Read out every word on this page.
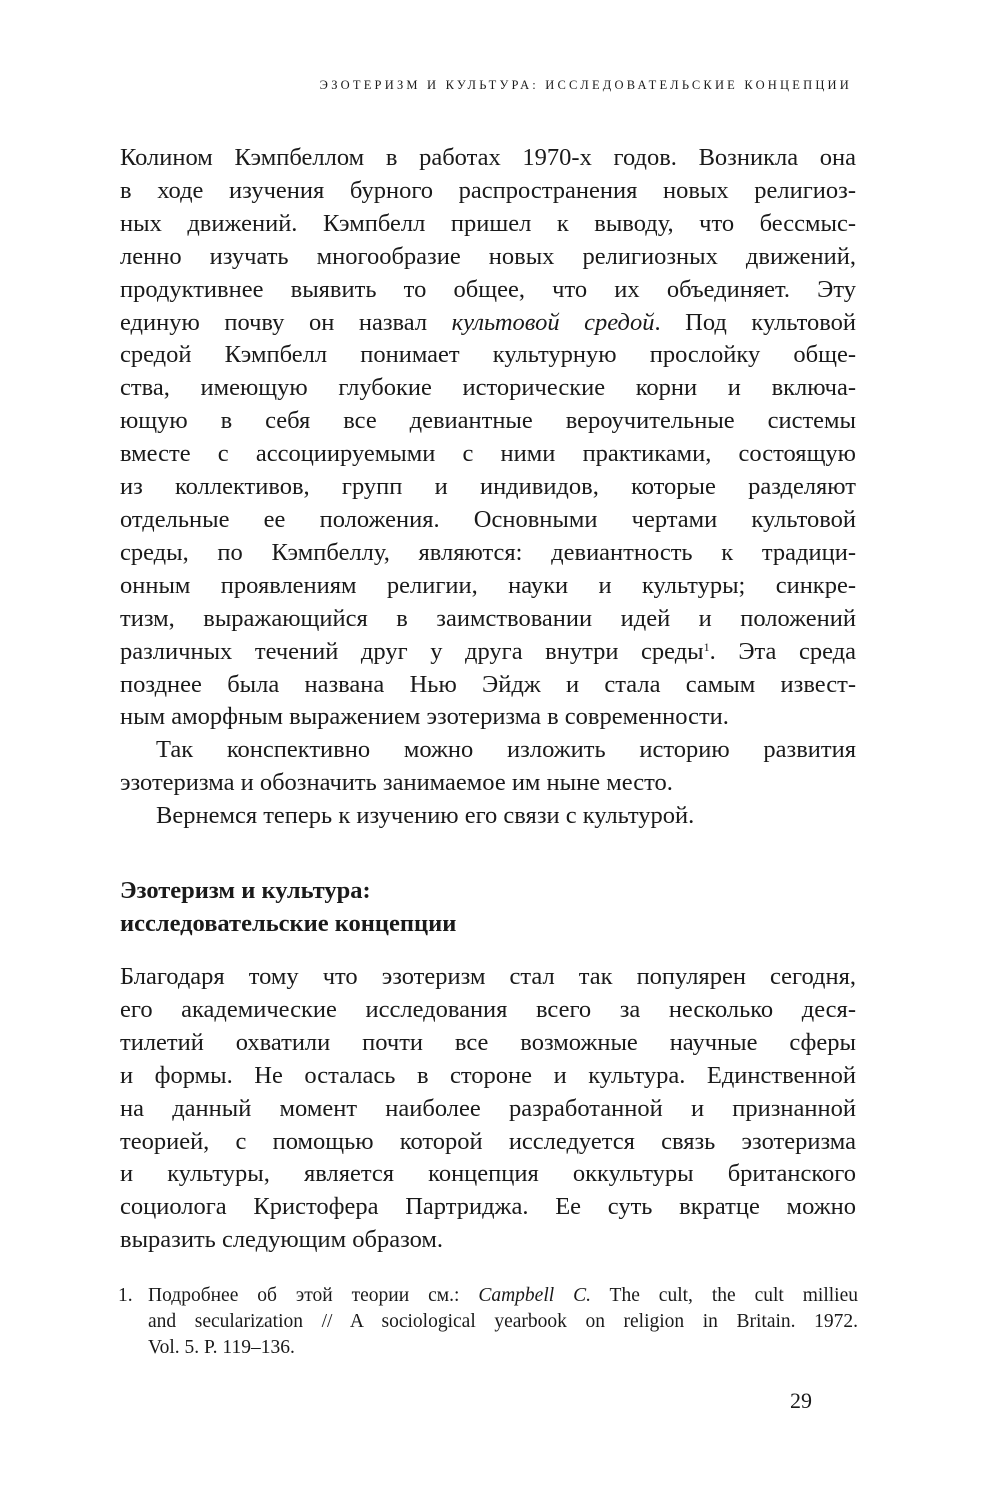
ЭЗОТЕРИЗМ И КУЛЬТУРА: ИССЛЕДОВАТЕЛЬСКИЕ КОНЦЕПЦИИ
Колином Кэмпбеллом в работах 1970-х годов. Возникла она
в ходе изучения бурного распространения новых религиоз-
ных движений. Кэмпбелл пришел к выводу, что бессмыс-
ленно изучать многообразие новых религиозных движений,
продуктивнее выявить то общее, что их объединяет. Эту
единую почву он назвал культовой средой. Под культовой
средой Кэмпбелл понимает культурную прослойку обще-
ства, имеющую глубокие исторические корни и включа-
ющую в себя все девиантные вероучительные системы
вместе с ассоциируемыми с ними практиками, состоящую
из коллективов, групп и индивидов, которые разделяют
отдельные ее положения. Основными чертами культовой
среды, по Кэмпбеллу, являются: девиантность к традици-
онным проявлениям религии, науки и культуры; синкре-
тизм, выражающийся в заимствовании идей и положений
различных течений друг у друга внутри среды$^1$. Эта среда
позднее была названа Нью Эйдж и стала самым извест-
ным аморфным выражением эзотеризма в современности.
Так конспективно можно изложить историю развития
эзотеризма и обозначить занимаемое им ныне место.
Вернемся теперь к изучению его связи с культурой.
Эзотеризм и культура:
исследовательские концепции
Благодаря тому что эзотеризм стал так популярен сегодня,
его академические исследования всего за несколько деся-
тилетий охватили почти все возможные научные сферы
и формы. Не осталась в стороне и культура. Единственной
на данный момент наиболее разработанной и признанной
теорией, с помощью которой исследуется связь эзотеризма
и культуры, является концепция оккультуры британского
социолога Кристофера Партриджа. Ее суть вкратце можно
выразить следующим образом.
1. Подробнее об этой теории см.: Campbell C. The cult, the cult millieu
and secularization // A sociological yearbook on religion in Britain. 1972.
Vol. 5. P. 119–136.
29
